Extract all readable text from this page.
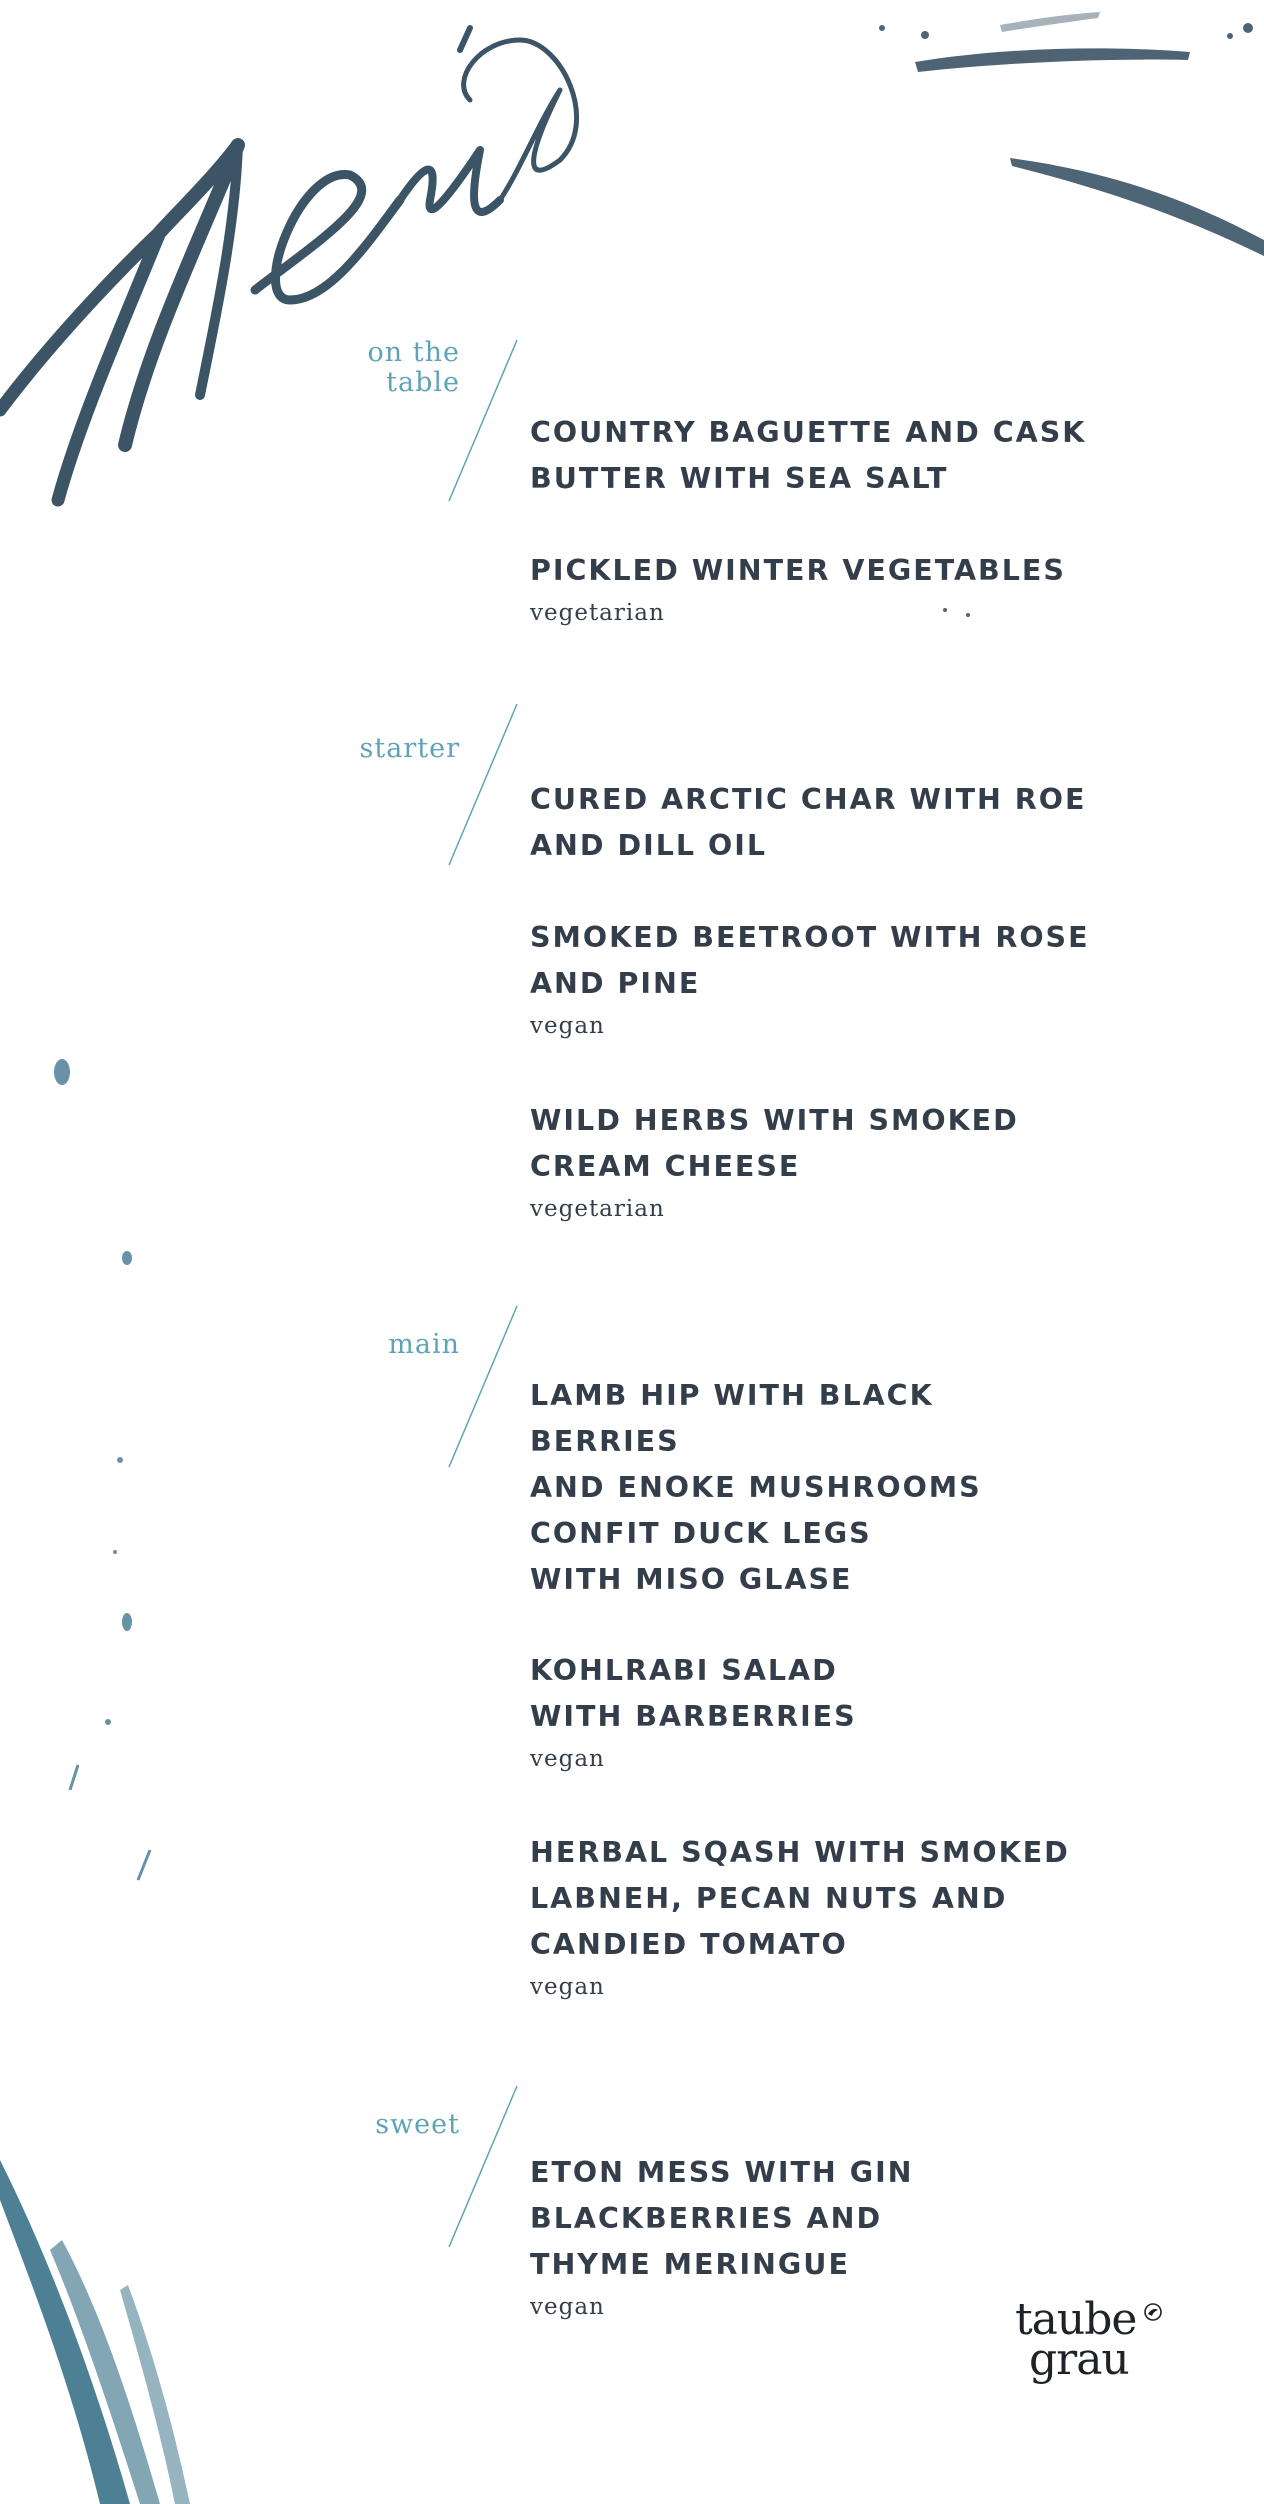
on the
table
starter
main
sweet

COUNTRY BAGUETTE AND CASK
BUTTER WITH SEA SALT

PICKLED WINTER VEGETABLES

vegetarian

CURED ARCTIC CHAR WITH ROE
AND DILL OIL

SMOKED BEETROOT WITH ROSE
AND PINE

vegan

WILD HERBS WITH SMOKED
CREAM CHEESE

vegetarian

LAMB HIP WITH BLACK BERRIES
AND ENOKE MUSHROOMS

CONFIT DUCK LEGS
WITH MISO GLASE

KOHLRABI SALAD
WITH BARBERRIES

vegan

HERBAL SQASH WITH SMOKED
LABNEH, PECAN NUTS AND
CANDIED TOMATO

vegan

ETON MESS WITH GIN
BLACKBERRIES AND
THYME MERINGUE

vegan	taube
grau
